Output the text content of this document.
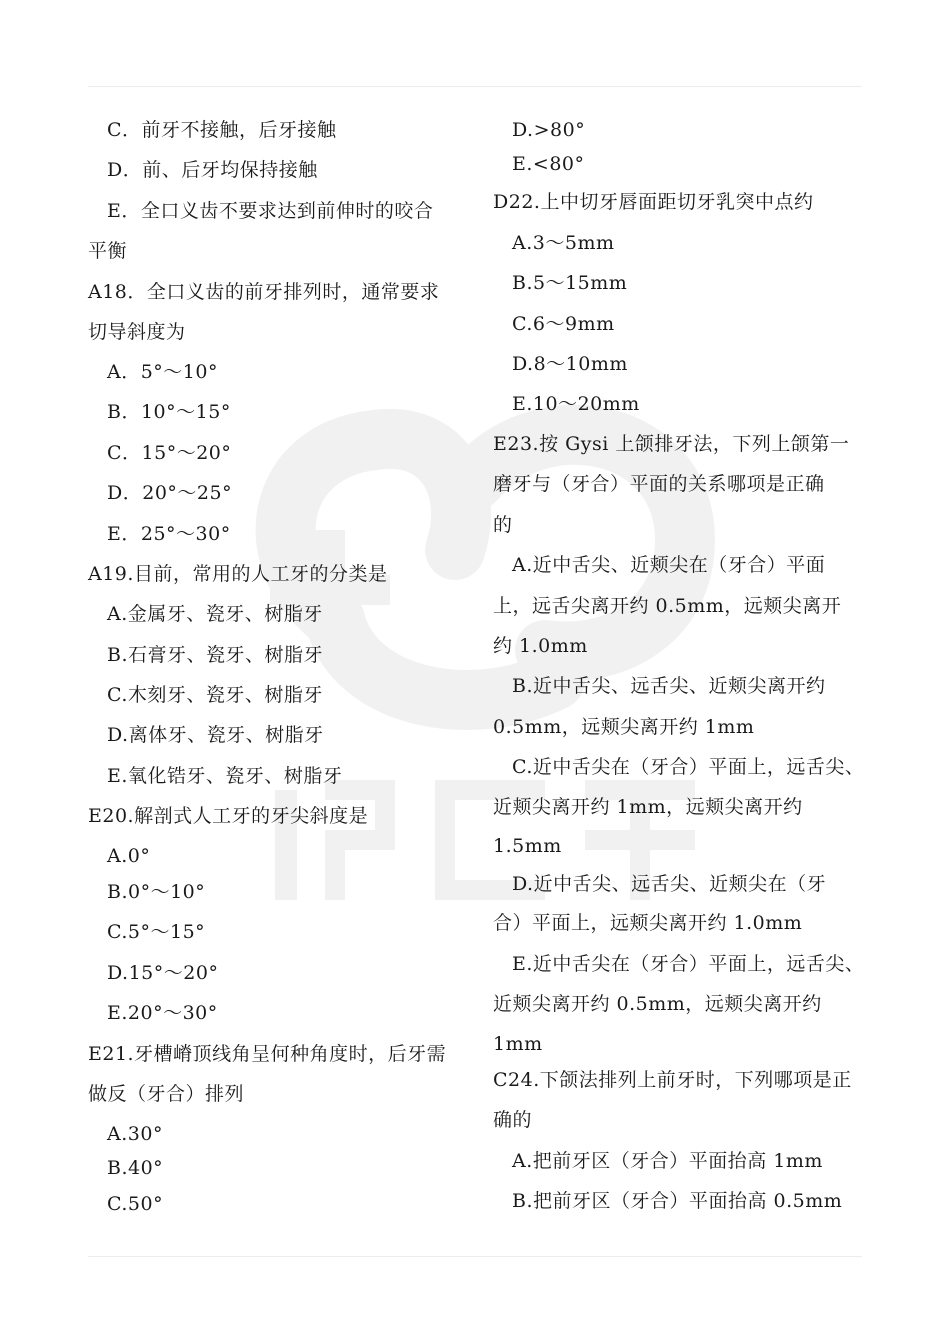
C．前牙不接触，后牙接触
D．前、后牙均保持接触
E．全口义齿不要求达到前伸时的咬合
平衡
A18．全口义齿的前牙排列时，通常要求
切导斜度为
A．5°～10°
B．10°～15°
C．15°～20°
D．20°～25°
E．25°～30°
A19.目前，常用的人工牙的分类是
A.金属牙、瓷牙、树脂牙
B.石膏牙、瓷牙、树脂牙
C.木刻牙、瓷牙、树脂牙
D.离体牙、瓷牙、树脂牙
E.氧化锆牙、瓷牙、树脂牙
E20.解剖式人工牙的牙尖斜度是
A.0°
B.0°～10°
C.5°～15°
D.15°～20°
E.20°～30°
E21.牙槽嵴顶线角呈何种角度时，后牙需
做反（牙合）排列
A.30°
B.40°
C.50°
D.>80°
E.<80°
D22.上中切牙唇面距切牙乳突中点约
A.3～5mm
B.5～15mm
C.6～9mm
D.8～10mm
E.10～20mm
E23.按 Gysi 上颌排牙法，下列上颌第一
磨牙与（牙合）平面的关系哪项是正确
的
A.近中舌尖、近颊尖在（牙合）平面
上，远舌尖离开约 0.5mm，远颊尖离开
约 1.0mm
B.近中舌尖、远舌尖、近颊尖离开约
0.5mm，远颊尖离开约 1mm
C.近中舌尖在（牙合）平面上，远舌尖、
近颊尖离开约 1mm，远颊尖离开约
1.5mm
D.近中舌尖、远舌尖、近颊尖在（牙
合）平面上，远颊尖离开约 1.0mm
E.近中舌尖在（牙合）平面上，远舌尖、
近颊尖离开约 0.5mm，远颊尖离开约
1mm
C24.下颌法排列上前牙时，下列哪项是正
确的
A.把前牙区（牙合）平面抬高 1mm
B.把前牙区（牙合）平面抬高 0.5mm
